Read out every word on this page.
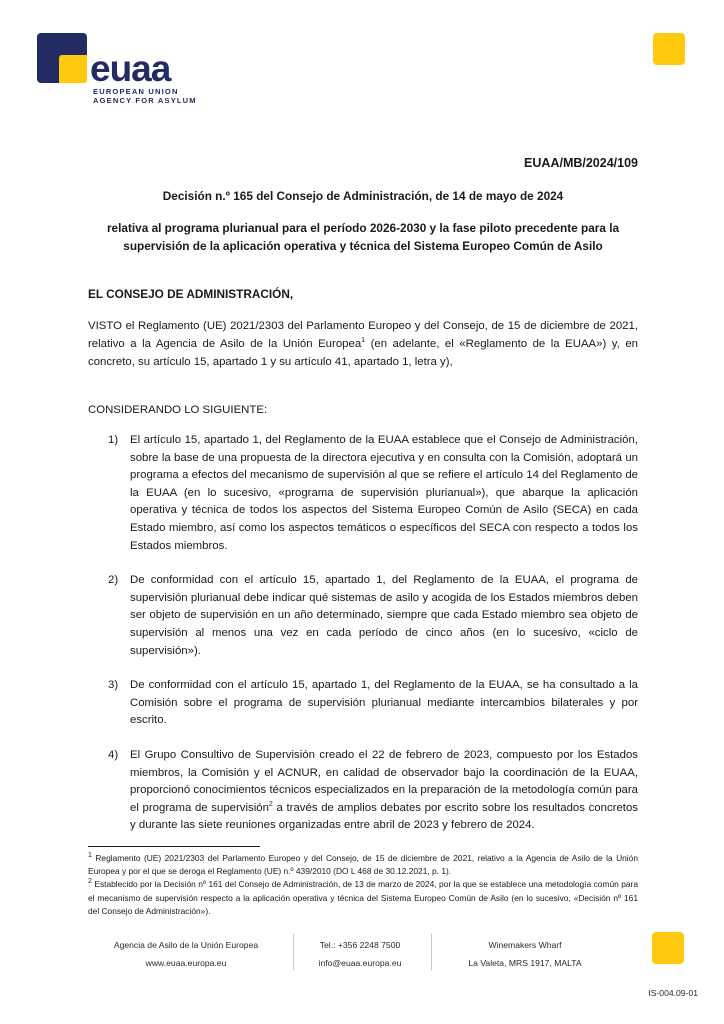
euaa
EUROPEAN UNION
AGENCY FOR ASYLUM
EUAA/MB/2024/109
Decisión n.º 165 del Consejo de Administración, de 14 de mayo de 2024
relativa al programa plurianual para el período 2026-2030 y la fase piloto precedente para la supervisión de la aplicación operativa y técnica del Sistema Europeo Común de Asilo
EL CONSEJO DE ADMINISTRACIÓN,

VISTO el Reglamento (UE) 2021/2303 del Parlamento Europeo y del Consejo, de 15 de diciembre de 2021, relativo a la Agencia de Asilo de la Unión Europea$^1$ (en adelante, el «Reglamento de la EUAA») y, en concreto, su artículo 15, apartado 1 y su artículo 41, apartado 1, letra y),

CONSIDERANDO LO SIGUIENTE:

1) El artículo 15, apartado 1, del Reglamento de la EUAA establece que el Consejo de Administración, sobre la base de una propuesta de la directora ejecutiva y en consulta con la Comisión, adoptará un programa a efectos del mecanismo de supervisión al que se refiere el artículo 14 del Reglamento de la EUAA (en lo sucesivo, «programa de supervisión plurianual»), que abarque la aplicación operativa y técnica de todos los aspectos del Sistema Europeo Común de Asilo (SECA) en cada Estado miembro, así como los aspectos temáticos o específicos del SECA con respecto a todos los Estados miembros.
2) De conformidad con el artículo 15, apartado 1, del Reglamento de la EUAA, el programa de supervisión plurianual debe indicar qué sistemas de asilo y acogida de los Estados miembros deben ser objeto de supervisión en un año determinado, siempre que cada Estado miembro sea objeto de supervisión al menos una vez en cada período de cinco años (en lo sucesivo, «ciclo de supervisión»).
3) De conformidad con el artículo 15, apartado 1, del Reglamento de la EUAA, se ha consultado a la Comisión sobre el programa de supervisión plurianual mediante intercambios bilaterales y por escrito.
4) El Grupo Consultivo de Supervisión creado el 22 de febrero de 2023, compuesto por los Estados miembros, la Comisión y el ACNUR, en calidad de observador bajo la coordinación de la EUAA, proporcionó conocimientos técnicos especializados en la preparación de la metodología común para el programa de supervisión$^2$ a través de amplios debates por escrito sobre los resultados concretos y durante las siete reuniones organizadas entre abril de 2023 y febrero de 2024.

$^1$ Reglamento (UE) 2021/2303 del Parlamento Europeo y del Consejo, de 15 de diciembre de 2021, relativo a la Agencia de Asilo de la Unión Europea y por el que se deroga el Reglamento (UE) n.º 439/2010 (DO L 468 de 30.12.2021, p. 1).

$^2$ Establecido por la Decisión nº 161 del Consejo de Administración, de 13 de marzo de 2024, por la que se establece una metodología común para el mecanismo de supervisión respecto a la aplicación operativa y técnica del Sistema Europeo Común de Asilo (en lo sucesivo, «Decisión nº 161 del Consejo de Administración»).

Agencia de Asilo de la Unión Europea
www.euaa.europa.eu
Tel.: +356 2248 7500
info@euaa.europa.eu
Winemakers Wharf
La Valeta, MRS 1917, MALTA
IS-004.09-01
